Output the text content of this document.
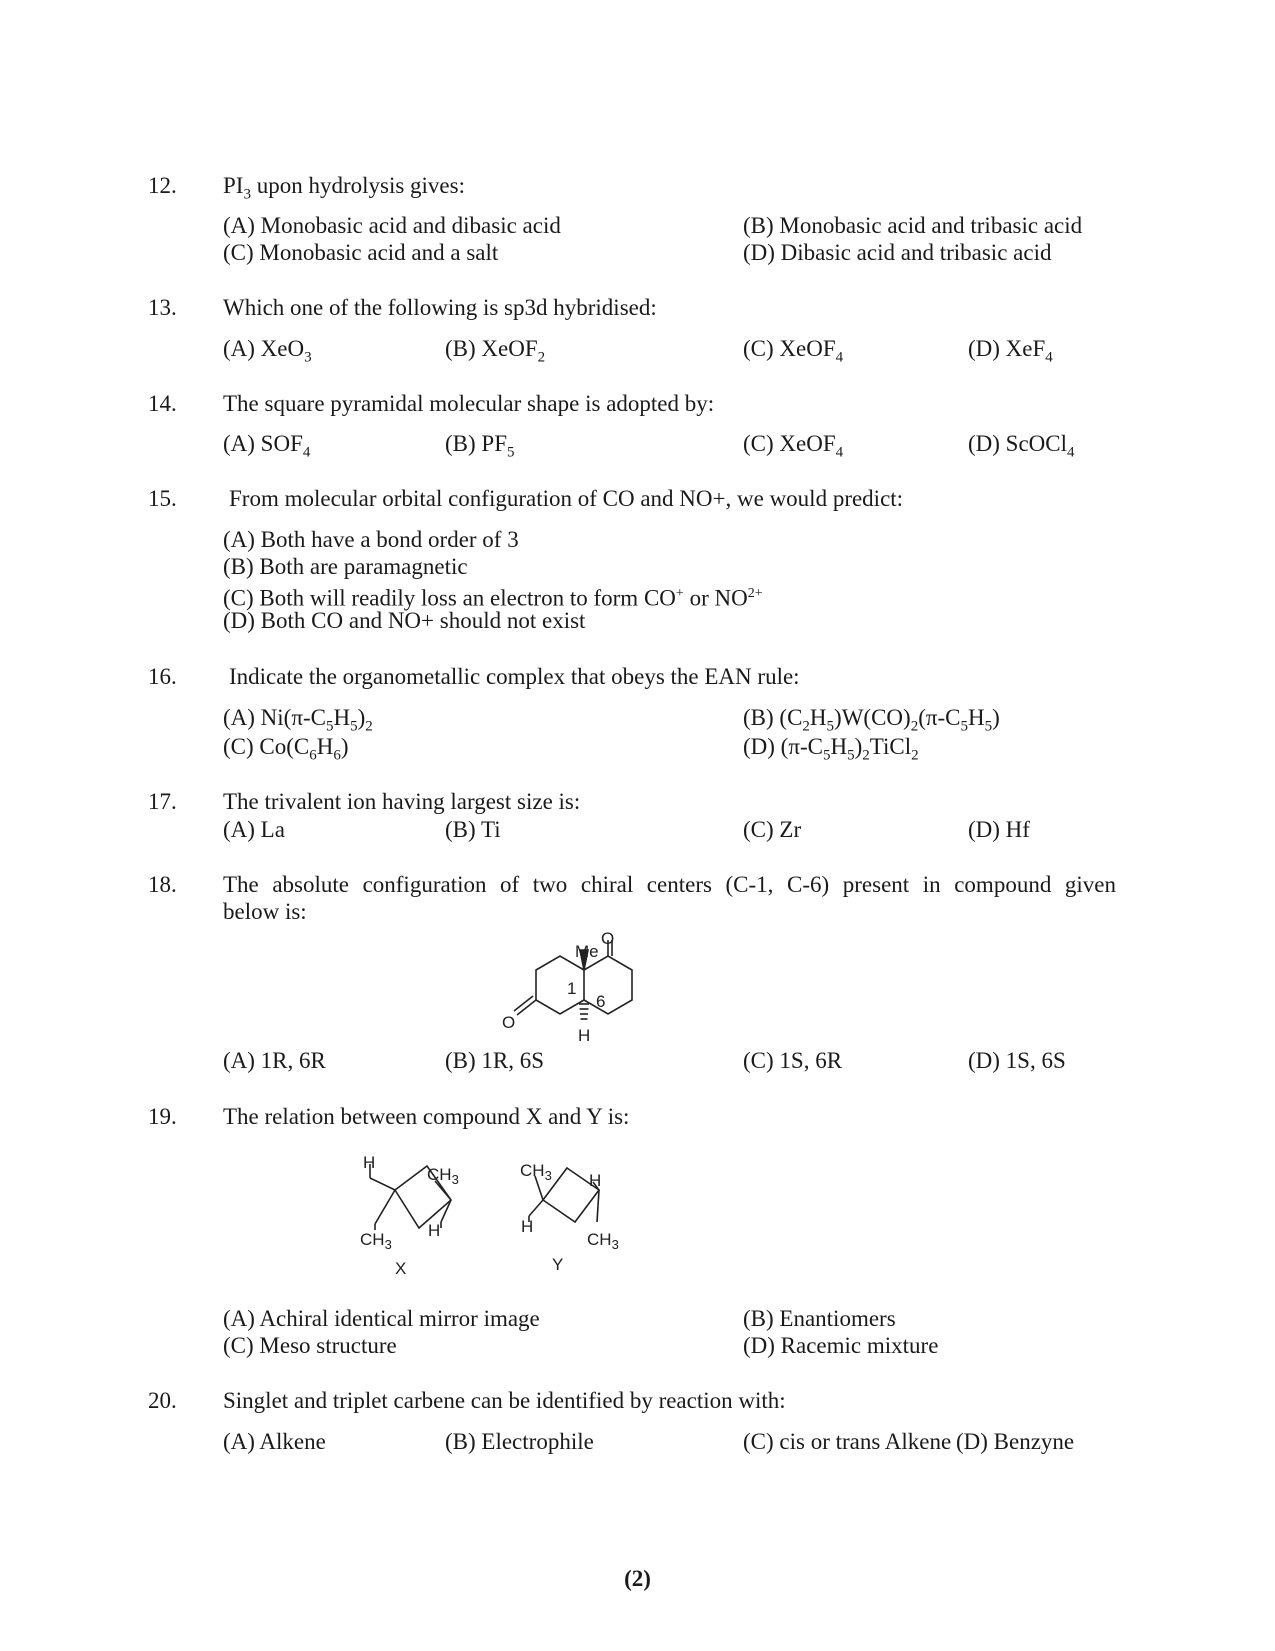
12. $PI_3$ upon hydrolysis gives:
(A) Monobasic acid and dibasic acid	(B) Monobasic acid and tribasic acid
(C) Monobasic acid and a salt	(D) Dibasic acid and tribasic acid
13. Which one of the following is sp3d hybridised:
(A) XeO$_3$	(B) XeOF$_2$	(C) XeOF$_4$	(D) XeF$_4$
14. The square pyramidal molecular shape is adopted by:
(A) $SOF_4$	(B) $PF_5$	(C) XeOF$_4$	(D) ScOCl$_4$
15. From molecular orbital configuration of CO and NO+, we would predict:
(A) Both have a bond order of 3
(B) Both are paramagnetic
(C) Both will readily loss an electron to form CO+ or $NO^{2+}$
(D) Both CO and NO+ should not exist
16. Indicate the organometallic complex that obeys the EAN rule:
(A) $Ni(\pi-C_5H_5)_2$	(B) $(C_2H_5)W(CO)_2(\pi-C_5H_5)$
(C) $Co(C_6H_6)$	(D) $(\pi-C_5H_5)_2TiCl_2$
17. The trivalent ion having largest size is:
(A) La	(B) Ti	(C) Zr	(D) Hf
18. The absolute configuration of two chiral centers (C-1, C-6) present in compound given
below is:
Me
O
O
1
6
H
(A) 1R, 6R	(B) 1R, 6S	(C) 1S, 6R	(D) 1S, 6S
19. The relation between compound X and Y is:
H
$CH_3$
$CH_3$
H
X
$CH_3$ H
H
$CH_3$
Y
(A) Achiral identical mirror image	(B) Enantiomers
(C) Meso structure	(D) Racemic mixture
20. Singlet and triplet carbene can be identified by reaction with:
(A) Alkene	(B) Electrophile	(C) cis or trans Alkene (D) Benzyne
(2)
